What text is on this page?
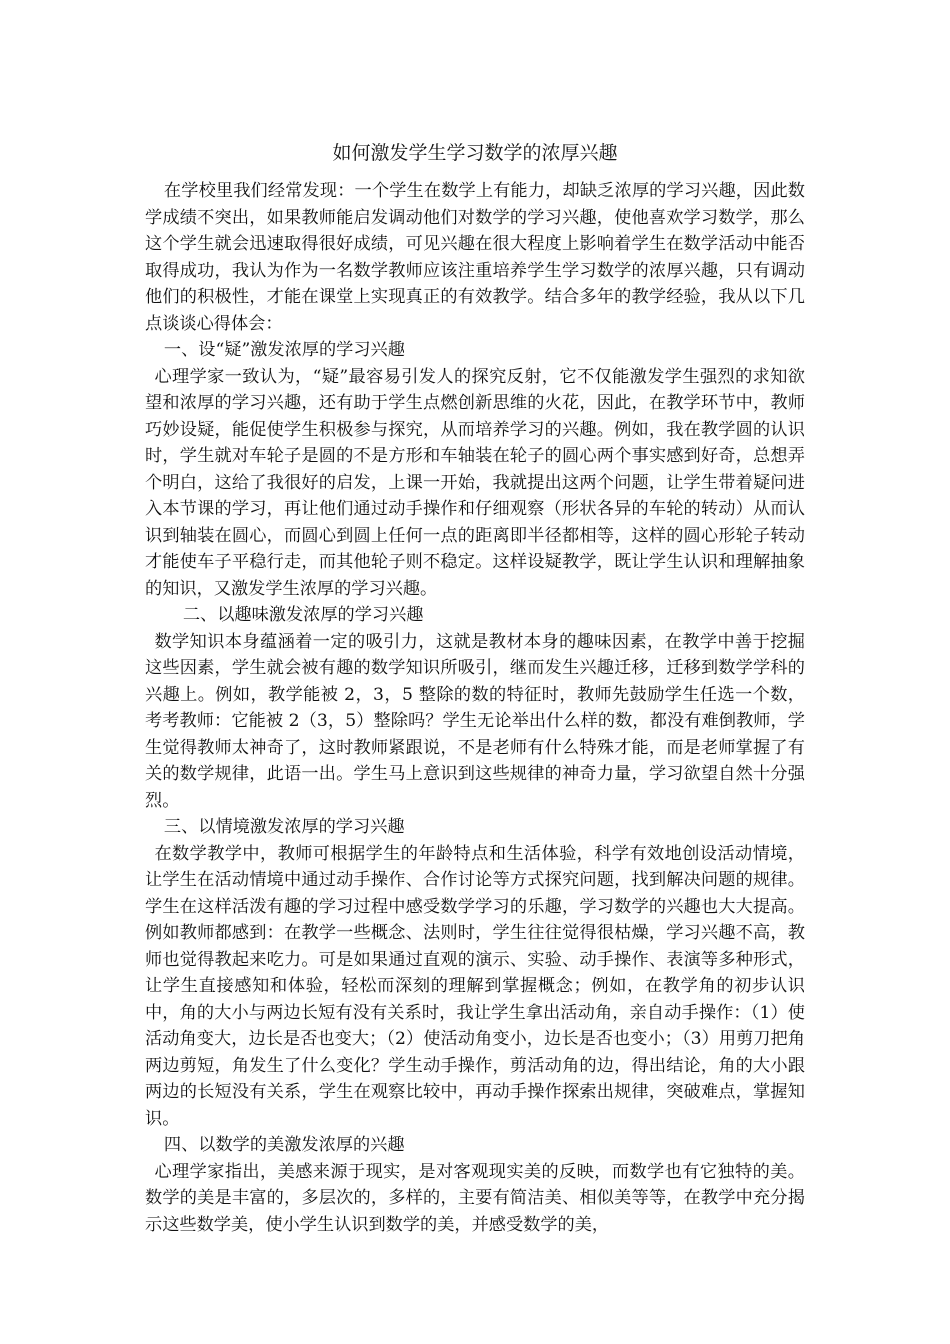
如何激发学生学习数学的浓厚兴趣

在学校里我们经常发现：一个学生在数学上有能力，却缺乏浓厚的学习兴趣，因此数学成绩不突出，如果教师能启发调动他们对数学的学习兴趣，使他喜欢学习数学，那么这个学生就会迅速取得很好成绩，可见兴趣在很大程度上影响着学生在数学活动中能否取得成功，我认为作为一名数学教师应该注重培养学生学习数学的浓厚兴趣，只有调动他们的积极性，才能在课堂上实现真正的有效教学。结合多年的教学经验，我从以下几点谈谈心得体会：

一、设“疑”激发浓厚的学习兴趣

心理学家一致认为，“疑”最容易引发人的探究反射，它不仅能激发学生强烈的求知欲望和浓厚的学习兴趣，还有助于学生点燃创新思维的火花，因此，在教学环节中，教师巧妙设疑，能促使学生积极参与探究，从而培养学习的兴趣。例如，我在教学圆的认识时，学生就对车轮子是圆的不是方形和车轴装在轮子的圆心两个事实感到好奇，总想弄个明白，这给了我很好的启发，上课一开始，我就提出这两个问题，让学生带着疑问进入本节课的学习，再让他们通过动手操作和仔细观察（形状各异的车轮的转动）从而认识到轴装在圆心，而圆心到圆上任何一点的距离即半径都相等，这样的圆心形轮子转动才能使车子平稳行走，而其他轮子则不稳定。这样设疑教学，既让学生认识和理解抽象的知识，又激发学生浓厚的学习兴趣。

二、以趣味激发浓厚的学习兴趣

数学知识本身蕴涵着一定的吸引力，这就是教材本身的趣味因素，在教学中善于挖掘这些因素，学生就会被有趣的数学知识所吸引，继而发生兴趣迁移，迁移到数学学科的兴趣上。例如，教学能被 2，3，5 整除的数的特征时，教师先鼓励学生任选一个数，考考教师：它能被 2（3，5）整除吗？学生无论举出什么样的数，都没有难倒教师，学生觉得教师太神奇了，这时教师紧跟说，不是老师有什么特殊才能，而是老师掌握了有关的数学规律，此语一出。学生马上意识到这些规律的神奇力量，学习欲望自然十分强烈。

三、以情境激发浓厚的学习兴趣

在数学教学中，教师可根据学生的年龄特点和生活体验，科学有效地创设活动情境，让学生在活动情境中通过动手操作、合作讨论等方式探究问题，找到解决问题的规律。学生在这样活泼有趣的学习过程中感受数学学习的乐趣，学习数学的兴趣也大大提高。例如教师都感到：在教学一些概念、法则时，学生往往觉得很枯燥，学习兴趣不高，教师也觉得教起来吃力。可是如果通过直观的演示、实验、动手操作、表演等多种形式，让学生直接感知和体验，轻松而深刻的理解到掌握概念；例如，在教学角的初步认识中，角的大小与两边长短有没有关系时，我让学生拿出活动角，亲自动手操作：（1）使活动角变大，边长是否也变大；（2）使活动角变小，边长是否也变小；（3）用剪刀把角两边剪短，角发生了什么变化？学生动手操作，剪活动角的边，得出结论，角的大小跟两边的长短没有关系，学生在观察比较中，再动手操作探索出规律，突破难点，掌握知识。

四、以数学的美激发浓厚的兴趣

心理学家指出，美感来源于现实，是对客观现实美的反映，而数学也有它独特的美。数学的美是丰富的，多层次的，多样的，主要有简洁美、相似美等等，在教学中充分揭示这些数学美，使小学生认识到数学的美，并感受数学的美，
